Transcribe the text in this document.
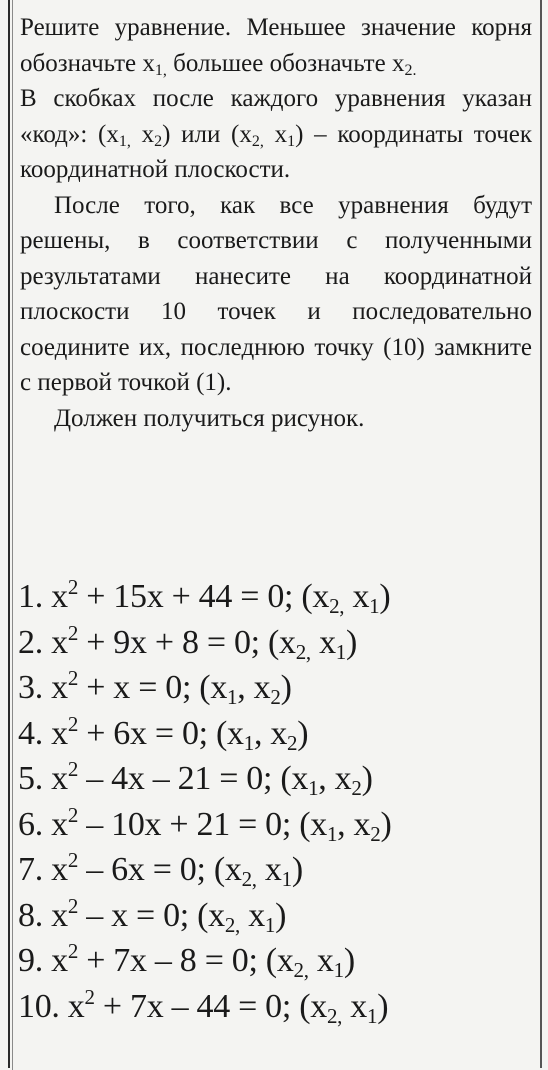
Решите уравнение. Меньшее значение корня обозначьте $x_{1,}$ большее обозначьте $x_{2.}$

В скобках после каждого уравнения указан «код»: ($x_{1,}$ $x_2$) или ($x_{2,}$ $x_1$) – координаты точек координатной плоскости.

После того, как все уравнения будут решены, в соответствии с полученными результатами нанесите на координатной плоскости 10 точек и последовательно соедините их, последнюю точку (10) замкните с первой точкой (1).

Должен получиться рисунок.

1. $x^2 + 15x + 44 = 0$; ($x_{2,}$ $x_1$)
2. $x^2 + 9x + 8 = 0$; ($x_{2,}$ $x_1$)
3. $x^2 + x = 0$; ($x_1$, $x_2$)
4. $x^2 + 6x = 0$; ($x_1$, $x_2$)
5. $x^2 - 4x - 21 = 0$; ($x_1$, $x_2$)
6. $x^2 - 10x + 21 = 0$; ($x_1$, $x_2$)
7. $x^2 - 6x = 0$; ($x_{2,}$ $x_1$)
8. $x^2 - x = 0$; ($x_{2,}$ $x_1$)
9. $x^2 + 7x - 8 = 0$; ($x_{2,}$ $x_1$)
10. $x^2 + 7x - 44 = 0$; ($x_{2,}$ $x_1$)
